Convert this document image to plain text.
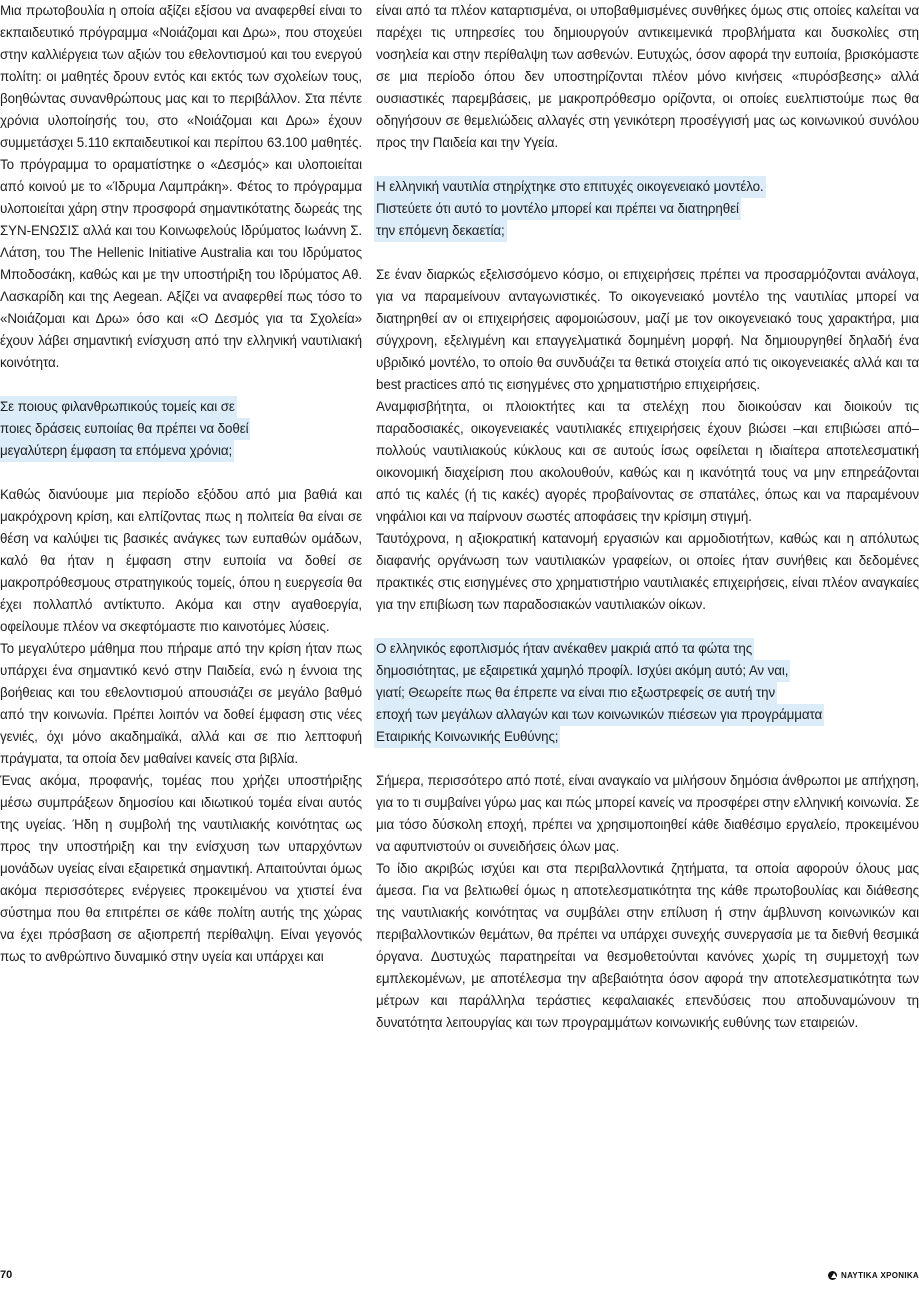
Μια πρωτοβουλία η οποία αξίζει εξίσου να αναφερθεί είναι το εκπαιδευτικό πρόγραμμα «Νοιάζομαι και Δρω», που στοχεύει στην καλλιέργεια των αξιών του εθελοντισμού και του ενεργού πολίτη: οι μαθητές δρουν εντός και εκτός των σχολείων τους, βοηθώντας συνανθρώπους μας και το περιβάλλον. Στα πέντε χρόνια υλοποίησής του, στο «Νοιάζομαι και Δρω» έχουν συμμετάσχει 5.110 εκπαιδευτικοί και περίπου 63.100 μαθητές. Το πρόγραμμα το οραματίστηκε ο «Δεσμός» και υλοποιείται από κοινού με το «Ίδρυμα Λαμπράκη». Φέτος το πρόγραμμα υλοποιείται χάρη στην προσφορά σημαντικότατης δωρεάς της ΣΥΝ-ΕΝΩΣΙΣ αλλά και του Κοινωφελούς Ιδρύματος Ιωάννη Σ. Λάτση, του The Hellenic Initiative Australia και του Ιδρύματος Μποδοσάκη, καθώς και με την υποστήριξη του Ιδρύματος Αθ. Λασκαρίδη και της Aegean. Αξίζει να αναφερθεί πως τόσο το «Νοιάζομαι και Δρω» όσο και «Ο Δεσμός για τα Σχολεία» έχουν λάβει σημαντική ενίσχυση από την ελληνική ναυτιλιακή κοινότητα.

Σε ποιους φιλανθρωπικούς τομείς και σε
ποιες δράσεις ευποιίας θα πρέπει να δοθεί
μεγαλύτερη έμφαση τα επόμενα χρόνια;

Καθώς διανύουμε μια περίοδο εξόδου από μια βαθιά και μακρόχρονη κρίση, και ελπίζοντας πως η πολιτεία θα είναι σε θέση να καλύψει τις βασικές ανάγκες των ευπαθών ομάδων, καλό θα ήταν η έμφαση στην ευποιία να δοθεί σε μακροπρόθεσμους στρατηγικούς τομείς, όπου η ευεργεσία θα έχει πολλαπλό αντίκτυπο. Ακόμα και στην αγαθοεργία, οφείλουμε πλέον να σκεφτόμαστε πιο καινοτόμες λύσεις.

Το μεγαλύτερο μάθημα που πήραμε από την κρίση ήταν πως υπάρχει ένα σημαντικό κενό στην Παιδεία, ενώ η έννοια της βοήθειας και του εθελοντισμού απουσιάζει σε μεγάλο βαθμό από την κοινωνία. Πρέπει λοιπόν να δοθεί έμφαση στις νέες γενιές, όχι μόνο ακαδημαϊκά, αλλά και σε πιο λεπτοφυή πράγματα, τα οποία δεν μαθαίνει κανείς στα βιβλία.

Ένας ακόμα, προφανής, τομέας που χρήζει υποστήριξης μέσω συμπράξεων δημοσίου και ιδιωτικού τομέα είναι αυτός της υγείας. Ήδη η συμβολή της ναυτιλιακής κοινότητας ως προς την υποστήριξη και την ενίσχυση των υπαρχόντων μονάδων υγείας είναι εξαιρετικά σημαντική. Απαιτούνται όμως ακόμα περισσότερες ενέργειες προκειμένου να χτιστεί ένα σύστημα που θα επιτρέπει σε κάθε πολίτη αυτής της χώρας να έχει πρόσβαση σε αξιοπρεπή περίθαλψη. Είναι γεγονός πως το ανθρώπινο δυναμικό στην υγεία και υπάρχει και

είναι από τα πλέον καταρτισμένα, οι υποβαθμισμένες συνθήκες όμως στις οποίες καλείται να παρέχει τις υπηρεσίες του δημιουργούν αντικειμενικά προβλήματα και δυσκολίες στη νοσηλεία και στην περίθαλψη των ασθενών. Ευτυχώς, όσον αφορά την ευποιία, βρισκόμαστε σε μια περίοδο όπου δεν υποστηρίζονται πλέον μόνο κινήσεις «πυρόσβεσης» αλλά ουσιαστικές παρεμβάσεις, με μακροπρόθεσμο ορίζοντα, οι οποίες ευελπιστούμε πως θα οδηγήσουν σε θεμελιώδεις αλλαγές στη γενικότερη προσέγγισή μας ως κοινωνικού συνόλου προς την Παιδεία και την Υγεία.

Η ελληνική ναυτιλία στηρίχτηκε στο επιτυχές οικογενειακό μοντέλο.
Πιστεύετε ότι αυτό το μοντέλο μπορεί και πρέπει να διατηρηθεί
την επόμενη δεκαετία;

Σε έναν διαρκώς εξελισσόμενο κόσμο, οι επιχειρήσεις πρέπει να προσαρμόζονται ανάλογα, για να παραμείνουν ανταγωνιστικές. Το οικογενειακό μοντέλο της ναυτιλίας μπορεί να διατηρηθεί αν οι επιχειρήσεις αφομοιώσουν, μαζί με τον οικογενειακό τους χαρακτήρα, μια σύγχρονη, εξελιγμένη και επαγγελματικά δομημένη μορφή. Να δημιουργηθεί δηλαδή ένα υβριδικό μοντέλο, το οποίο θα συνδυάζει τα θετικά στοιχεία από τις οικογενειακές αλλά και τα best practices από τις εισηγμένες στο χρηματιστήριο επιχειρήσεις.

Αναμφισβήτητα, οι πλοιοκτήτες και τα στελέχη που διοικούσαν και διοικούν τις παραδοσιακές, οικογενειακές ναυτιλιακές επιχειρήσεις έχουν βιώσει –και επιβιώσει από– πολλούς ναυτιλιακούς κύκλους και σε αυτούς ίσως οφείλεται η ιδιαίτερα αποτελεσματική οικονομική διαχείριση που ακολουθούν, καθώς και η ικανότητά τους να μην επηρεάζονται από τις καλές (ή τις κακές) αγορές προβαίνοντας σε σπατάλες, όπως και να παραμένουν νηφάλιοι και να παίρνουν σωστές αποφάσεις την κρίσιμη στιγμή.

Ταυτόχρονα, η αξιοκρατική κατανομή εργασιών και αρμοδιοτήτων, καθώς και η απόλυτως διαφανής οργάνωση των ναυτιλιακών γραφείων, οι οποίες ήταν συνήθεις και δεδομένες πρακτικές στις εισηγμένες στο χρηματιστήριο ναυτιλιακές επιχειρήσεις, είναι πλέον αναγκαίες για την επιβίωση των παραδοσιακών ναυτιλιακών οίκων.

Ο ελληνικός εφοπλισμός ήταν ανέκαθεν μακριά από τα φώτα της
δημοσιότητας, με εξαιρετικά χαμηλό προφίλ. Ισχύει ακόμη αυτό; Αν ναι,
γιατί; Θεωρείτε πως θα έπρεπε να είναι πιο εξωστρεφείς σε αυτή την
εποχή των μεγάλων αλλαγών και των κοινωνικών πιέσεων για προγράμματα
Εταιρικής Κοινωνικής Ευθύνης;

Σήμερα, περισσότερο από ποτέ, είναι αναγκαίο να μιλήσουν δημόσια άνθρωποι με απήχηση, για το τι συμβαίνει γύρω μας και πώς μπορεί κανείς να προσφέρει στην ελληνική κοινωνία. Σε μια τόσο δύσκολη εποχή, πρέπει να χρησιμοποιηθεί κάθε διαθέσιμο εργαλείο, προκειμένου να αφυπνιστούν οι συνειδήσεις όλων μας.

Το ίδιο ακριβώς ισχύει και στα περιβαλλοντικά ζητήματα, τα οποία αφορούν όλους μας άμεσα. Για να βελτιωθεί όμως η αποτελεσματικότητα της κάθε πρωτοβουλίας και διάθεσης της ναυτιλιακής κοινότητας να συμβάλει στην επίλυση ή στην άμβλυνση κοινωνικών και περιβαλλοντικών θεμάτων, θα πρέπει να υπάρχει συνεχής συνεργασία με τα διεθνή θεσμικά όργανα. Δυστυχώς παρατηρείται να θεσμοθετούνται κανόνες χωρίς τη συμμετοχή των εμπλεκομένων, με αποτέλεσμα την αβεβαιότητα όσον αφορά την αποτελεσματικότητα των μέτρων και παράλληλα τεράστιες κεφαλαιακές επενδύσεις που αποδυναμώνουν τη δυνατότητα λειτουργίας και των προγραμμάτων κοινωνικής ευθύνης των εταιρειών.

70	ΝΑΥΤΙΚΑ ΧΡΟΝΙΚΑ
